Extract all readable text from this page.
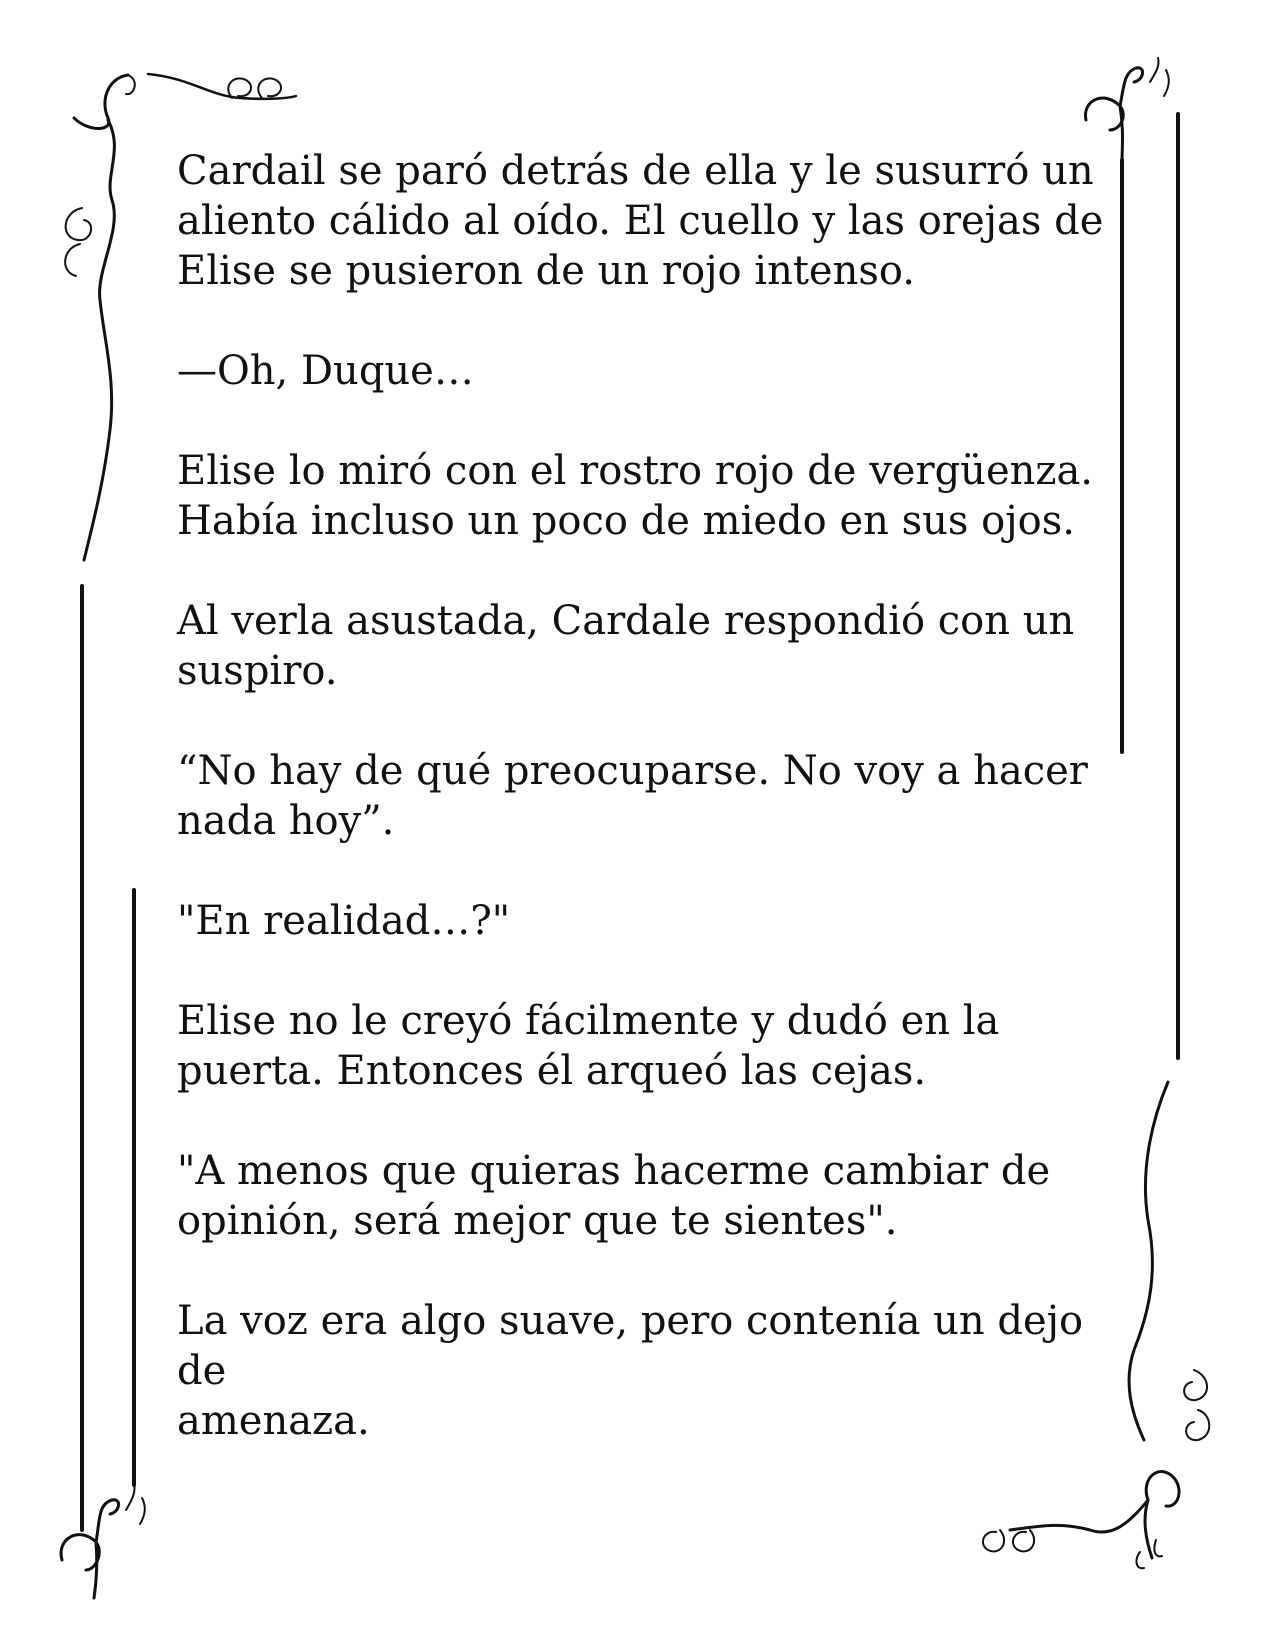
Cardail se paró detrás de ella y le susurró un
aliento cálido al oído. El cuello y las orejas de
Elise se pusieron de un rojo intenso.

—Oh, Duque…

Elise lo miró con el rostro rojo de vergüenza.
Había incluso un poco de miedo en sus ojos.

Al verla asustada, Cardale respondió con un
suspiro.

“No hay de qué preocuparse. No voy a hacer
nada hoy”.

"En realidad…?"

Elise no le creyó fácilmente y dudó en la
puerta. Entonces él arqueó las cejas.

"A menos que quieras hacerme cambiar de
opinión, será mejor que te sientes".

La voz era algo suave, pero contenía un dejo de
amenaza.
